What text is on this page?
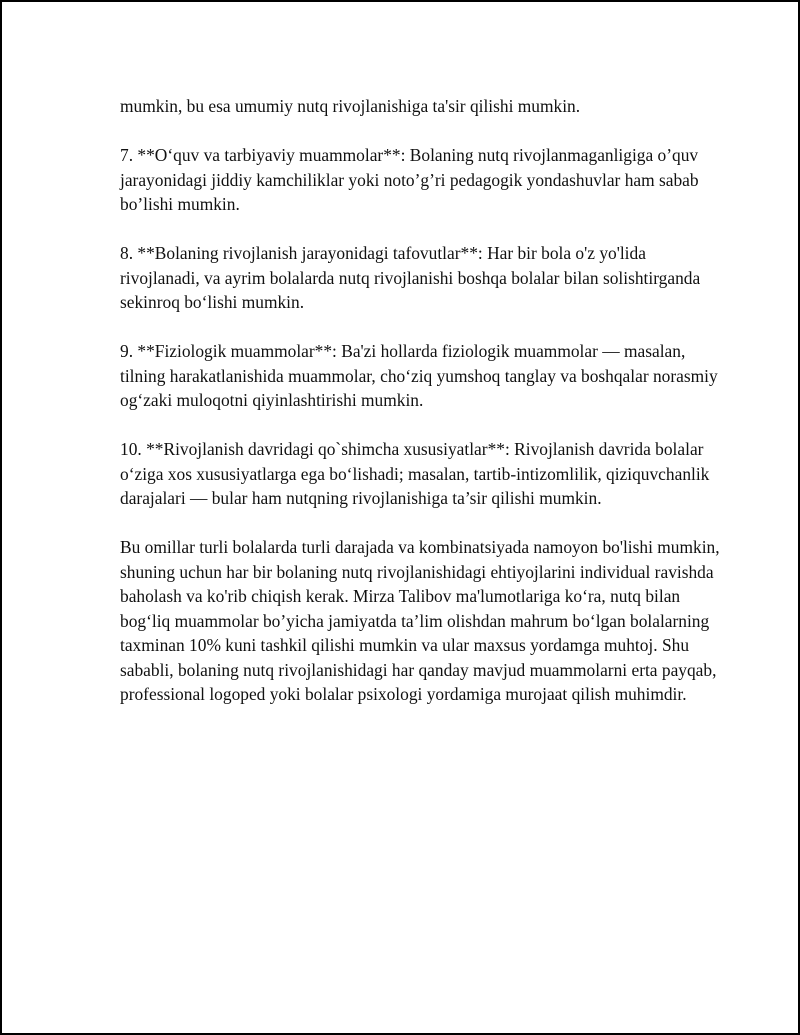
mumkin, bu esa umumiy nutq rivojlanishiga ta'sir qilishi mumkin.

7. **O‘quv va tarbiyaviy muammolar**: Bolaning nutq rivojlanmaganligiga o’quv jarayonidagi jiddiy kamchiliklar yoki noto’g’ri pedagogik yondashuvlar ham sabab bo’lishi mumkin.

8. **Bolaning rivojlanish jarayonidagi tafovutlar**: Har bir bola o'z yo'lida rivojlanadi, va ayrim bolalarda nutq rivojlanishi boshqa bolalar bilan solishtirganda sekinroq bo‘lishi mumkin.

9. **Fiziologik muammolar**: Ba'zi hollarda fiziologik muammolar — masalan, tilning harakatlanishida muammolar, cho‘ziq yumshoq tanglay va boshqalar norasmiy og‘zaki muloqotni qiyinlashtirishi mumkin.

10. **Rivojlanish davridagi qo`shimcha xususiyatlar**: Rivojlanish davrida bolalar o‘ziga xos xususiyatlarga ega bo‘lishadi; masalan, tartib-intizomlilik, qiziquvchanlik darajalari — bular ham nutqning rivojlanishiga ta’sir qilishi mumkin.

Bu omillar turli bolalarda turli darajada va kombinatsiyada namoyon bo'lishi mumkin, shuning uchun har bir bolaning nutq rivojlanishidagi ehtiyojlarini individual ravishda baholash va ko'rib chiqish kerak. Mirza Talibov ma'lumotlariga ko‘ra, nutq bilan bog‘liq muammolar bo’yicha jamiyatda ta’lim olishdan mahrum bo‘lgan bolalarning taxminan 10% kuni tashkil qilishi mumkin va ular maxsus yordamga muhtoj. Shu sababli, bolaning nutq rivojlanishidagi har qanday mavjud muammolarni erta payqab, professional logoped yoki bolalar psixologi yordamiga murojaat qilish muhimdir.
